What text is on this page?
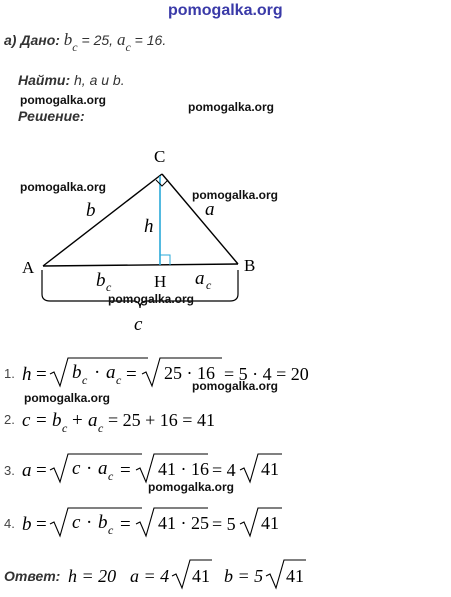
pomogalka.org
а) Дано: bc = 25, ac = 16.
Найти: h, a и b.
pomogalka.org	pomogalka.org
Решение:
C
A	B
H
b	a
h
b c	a c
c
pomogalka.org
pomogalka.org
pomogalka.org
1. h = b c · a c = 25 · 16 = 5 · 4 = 20
pomogalka.org
pomogalka.org
2. c = b c + a c = 25 + 16 = 41
3. a = c · a c = 41 · 16 = 4 41
pomogalka.org
4. b = c · b c = 41 · 25 = 5 41
Ответ: h = 20 a = 4 41 b = 5 41
